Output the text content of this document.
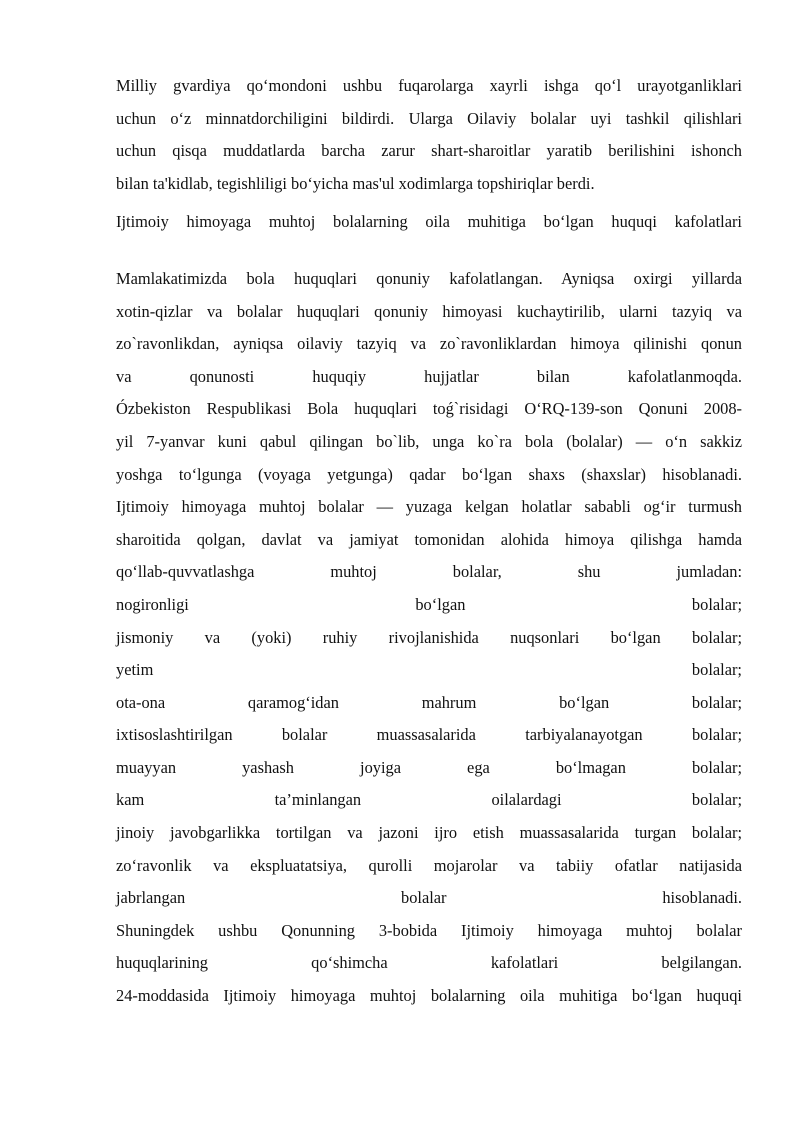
Milliy gvardiya qo‘mondoni ushbu fuqarolarga xayrli ishga qo‘l urayotganliklari
uchun o‘z minnatdorchiligini bildirdi. Ularga Oilaviy bolalar uyi tashkil qilishlari
uchun qisqa muddatlarda barcha zarur shart-sharoitlar yaratib berilishini ishonch
bilan ta'kidlab, tegishliligi bo‘yicha mas'ul xodimlarga topshiriqlar berdi.
Ijtimoiy himoyaga muhtoj bolalarning oila muhitiga bo‘lgan huquqi kafolatlari
Mamlakatimizda bola huquqlari qonuniy kafolatlangan. Ayniqsa oxirgi yillarda
xotin-qizlar va bolalar huquqlari qonuniy himoyasi kuchaytirilib, ularni tazyiq va
zo`ravonlikdan, ayniqsa oilaviy tazyiq va zo`ravonliklardan himoya qilinishi qonun
va qonunosti huquqiy hujjatlar bilan kafolatlanmoqda.
Ózbekiston Respublikasi Bola huquqlari toǵ`risidagi O‘RQ-139-son Qonuni 2008-
yil 7-yanvar kuni qabul qilingan bo`lib, unga ko`ra bola (bolalar) — o‘n sakkiz
yoshga to‘lgunga (voyaga yetgunga) qadar bo‘lgan shaxs (shaxslar) hisoblanadi.
Ijtimoiy himoyaga muhtoj bolalar — yuzaga kelgan holatlar sababli og‘ir turmush
sharoitida qolgan, davlat va jamiyat tomonidan alohida himoya qilishga hamda
qo‘llab-quvvatlashga muhtoj bolalar, shu jumladan:
nogironligi bo‘lgan bolalar;
jismoniy va (yoki) ruhiy rivojlanishida nuqsonlari bo‘lgan bolalar;
yetim bolalar;
ota-ona qaramog‘idan mahrum bo‘lgan bolalar;
ixtisoslashtirilgan bolalar muassasalarida tarbiyalanayotgan bolalar;
muayyan yashash joyiga ega bo‘lmagan bolalar;
kam ta’minlangan oilalardagi bolalar;
jinoiy javobgarlikka tortilgan va jazoni ijro etish muassasalarida turgan bolalar;
zo‘ravonlik va ekspluatatsiya, qurolli mojarolar va tabiiy ofatlar natijasida
jabrlangan bolalar hisoblanadi.
Shuningdek ushbu Qonunning 3-bobida Ijtimoiy himoyaga muhtoj bolalar
huquqlarining qo‘shimcha kafolatlari belgilangan.
24-moddasida Ijtimoiy himoyaga muhtoj bolalarning oila muhitiga bo‘lgan huquqi
